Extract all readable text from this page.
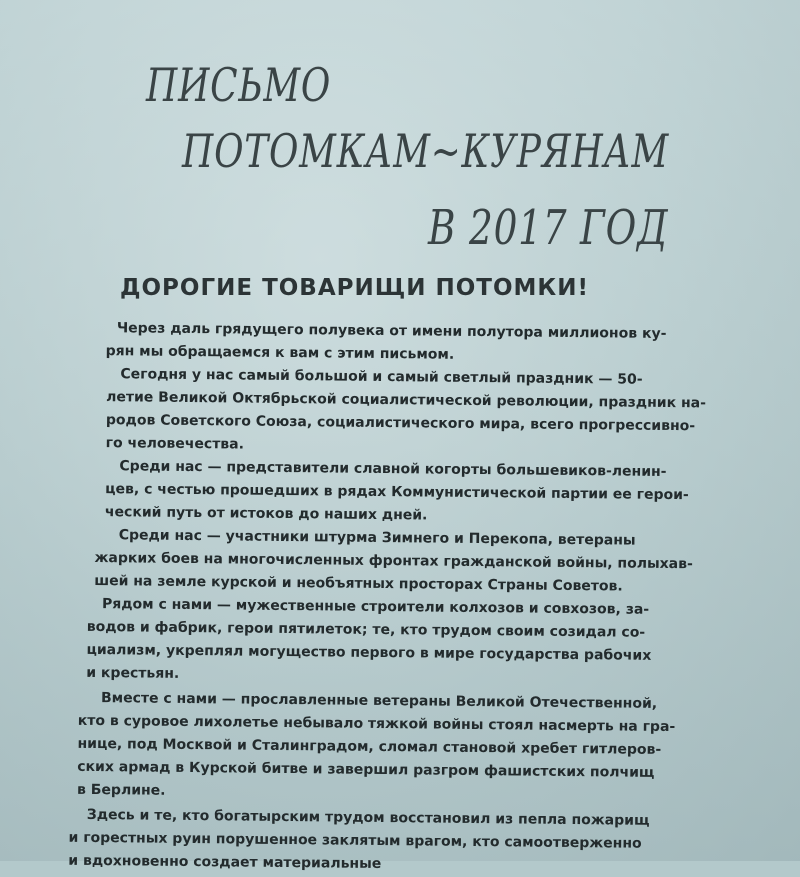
ПИСЬМО
ПОТОМКАМ~КУРЯНАМ
В 2017 ГОД
ДОРОГИЕ ТОВАРИЩИ ПОТОМКИ!
Через даль грядущего полувека от имени полутора миллионов ку-
рян мы обращаемся к вам с этим письмом.
Сегодня у нас самый большой и самый светлый праздник — 50-
летие Великой Октябрьской социалистической революции, праздник на-
родов Советского Союза, социалистического мира, всего прогрессивно-
го человечества.
Среди нас — представители славной когорты большевиков-ленин-
цев, с честью прошедших в рядах Коммунистической партии ее герои-
ческий путь от истоков до наших дней.
Среди нас — участники штурма Зимнего и Перекопа, ветераны
жарких боев на многочисленных фронтах гражданской войны, полыхав-
шей на земле курской и необъятных просторах Страны Советов.
Рядом с нами — мужественные строители колхозов и совхозов, за-
водов и фабрик, герои пятилеток; те, кто трудом своим созидал со-
циализм, укреплял могущество первого в мире государства рабочих
и крестьян.
Вместе с нами — прославленные ветераны Великой Отечественной,
кто в суровое лихолетье небывало тяжкой войны стоял насмерть на гра-
нице, под Москвой и Сталинградом, сломал становой хребет гитлеров-
ских армад в Курской битве и завершил разгром фашистских полчищ
в Берлине.
Здесь и те, кто богатырским трудом восстановил из пепла пожарищ
и горестных руин порушенное заклятым врагом, кто самоотверженно
и вдохновенно создает материальные
